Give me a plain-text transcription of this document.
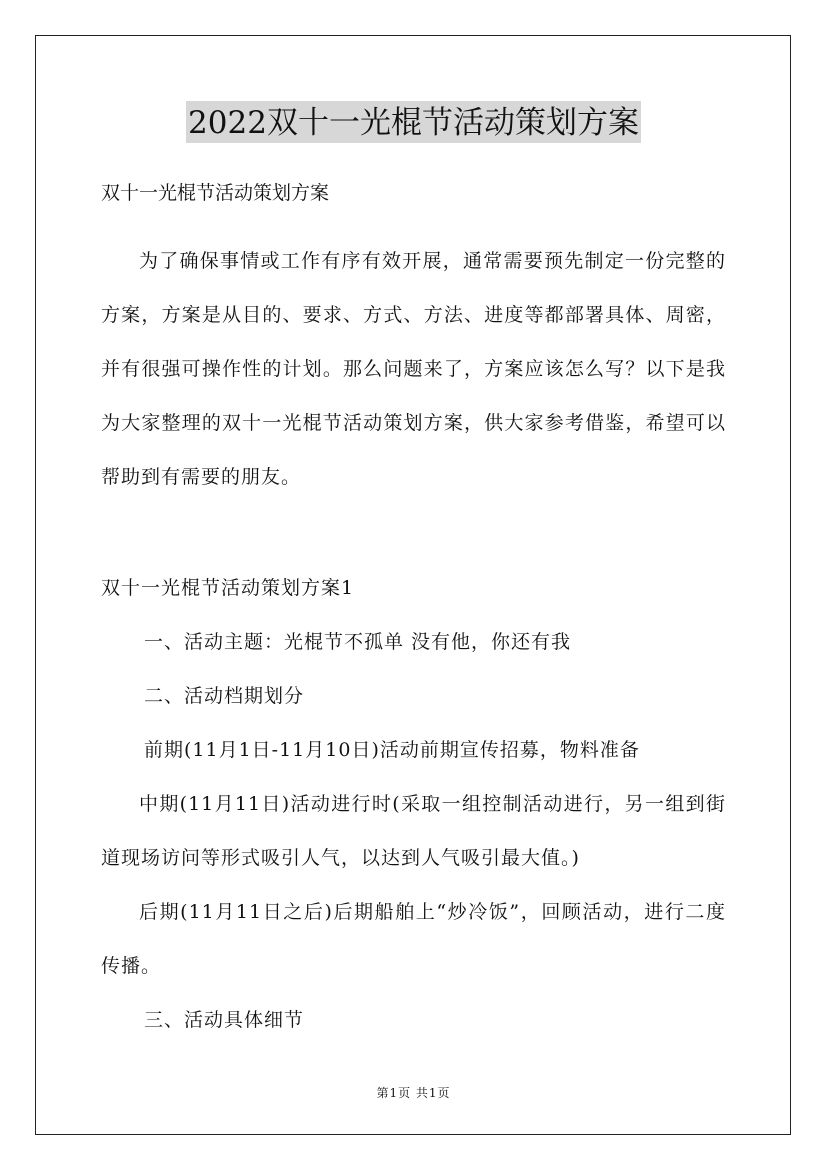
2022双十一光棍节活动策划方案

双十一光棍节活动策划方案

为了确保事情或工作有序有效开展，通常需要预先制定一份完整的方案，方案是从目的、要求、方式、方法、进度等都部署具体、周密，并有很强可操作性的计划。那么问题来了，方案应该怎么写？以下是我为大家整理的双十一光棍节活动策划方案，供大家参考借鉴，希望可以帮助到有需要的朋友。

双十一光棍节活动策划方案1

一、活动主题：光棍节不孤单 没有他，你还有我

二、活动档期划分

前期(11月1日-11月10日)活动前期宣传招募，物料准备

中期(11月11日)活动进行时(采取一组控制活动进行，另一组到街道现场访问等形式吸引人气，以达到人气吸引最大值。)

后期(11月11日之后)后期船舶上“炒冷饭”，回顾活动，进行二度传播。

三、活动具体细节

第1页 共1页
